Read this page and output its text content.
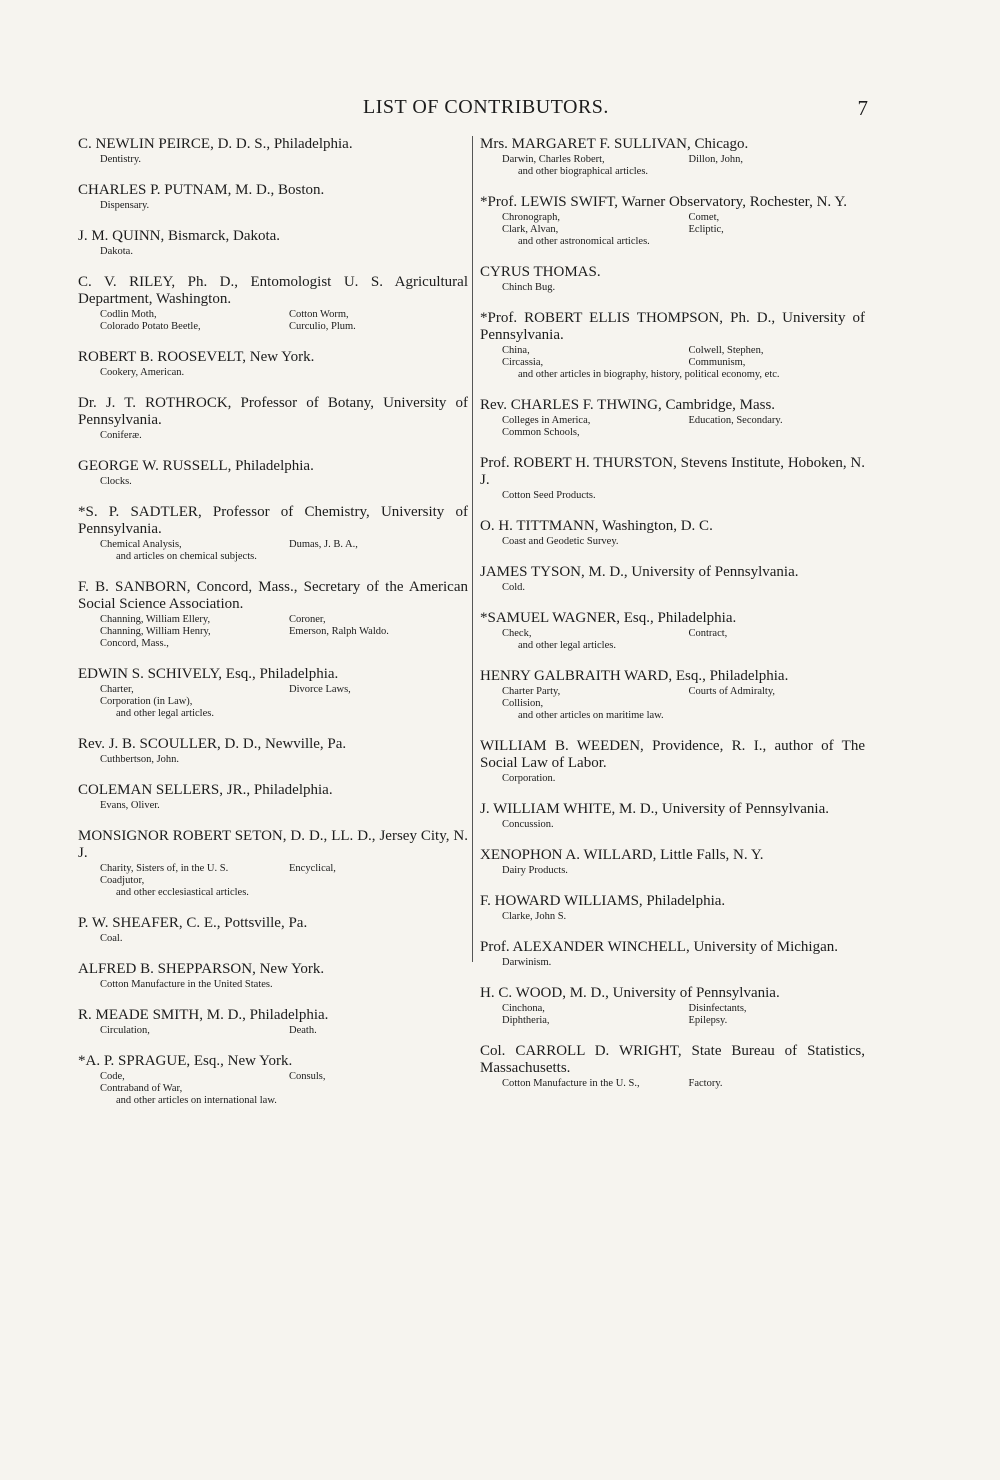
LIST OF CONTRIBUTORS.	7
C. NEWLIN PEIRCE, D. D. S., Philadelphia.
Dentistry.
CHARLES P. PUTNAM, M. D., Boston.
Dispensary.
J. M. QUINN, Bismarck, Dakota.
Dakota.
C. V. RILEY, Ph. D., Entomologist U. S. Agricultural Department, Washington.
Codlin Moth,	Cotton Worm,
Colorado Potato Beetle,	Curculio, Plum.
ROBERT B. ROOSEVELT, New York.
Cookery, American.
Dr. J. T. ROTHROCK, Professor of Botany, University of Pennsylvania.
Coniferæ.
GEORGE W. RUSSELL, Philadelphia.
Clocks.
*S. P. SADTLER, Professor of Chemistry, University of Pennsylvania.
Chemical Analysis,	Dumas, J. B. A.,
and articles on chemical subjects.
F. B. SANBORN, Concord, Mass., Secretary of the American Social Science Association.
Channing, William Ellery,	Coroner,
Channing, William Henry,	Emerson, Ralph Waldo.
Concord, Mass.,
EDWIN S. SCHIVELY, Esq., Philadelphia.
Charter,	Divorce Laws,
Corporation (in Law),
and other legal articles.
Rev. J. B. SCOULLER, D. D., Newville, Pa.
Cuthbertson, John.
COLEMAN SELLERS, JR., Philadelphia.
Evans, Oliver.
MONSIGNOR ROBERT SETON, D. D., LL. D., Jersey City, N. J.
Charity, Sisters of, in the U. S.	Encyclical,
Coadjutor,
and other ecclesiastical articles.
P. W. SHEAFER, C. E., Pottsville, Pa.
Coal.
ALFRED B. SHEPPARSON, New York.
Cotton Manufacture in the United States.
R. MEADE SMITH, M. D., Philadelphia.
Circulation,	Death.
*A. P. SPRAGUE, Esq., New York.
Code,	Consuls,
Contraband of War,
and other articles on international law.
Mrs. MARGARET F. SULLIVAN, Chicago.
Darwin, Charles Robert,	Dillon, John,
and other biographical articles.
*Prof. LEWIS SWIFT, Warner Observatory, Rochester, N. Y.
Chronograph,	Comet,
Clark, Alvan,	Ecliptic,
and other astronomical articles.
CYRUS THOMAS.
Chinch Bug.
*Prof. ROBERT ELLIS THOMPSON, Ph. D., University of Pennsylvania.
China,	Colwell, Stephen,
Circassia,	Communism,
and other articles in biography, history, political economy, etc.
Rev. CHARLES F. THWING, Cambridge, Mass.
Colleges in America,	Education, Secondary.
Common Schools,
Prof. ROBERT H. THURSTON, Stevens Institute, Hoboken, N. J.
Cotton Seed Products.
O. H. TITTMANN, Washington, D. C.
Coast and Geodetic Survey.
JAMES TYSON, M. D., University of Pennsylvania.
Cold.
*SAMUEL WAGNER, Esq., Philadelphia.
Check,	Contract,
and other legal articles.
HENRY GALBRAITH WARD, Esq., Philadelphia.
Charter Party,	Courts of Admiralty,
Collision,
and other articles on maritime law.
WILLIAM B. WEEDEN, Providence, R. I., author of The Social Law of Labor.
Corporation.
J. WILLIAM WHITE, M. D., University of Pennsylvania.
Concussion.
XENOPHON A. WILLARD, Little Falls, N. Y.
Dairy Products.
F. HOWARD WILLIAMS, Philadelphia.
Clarke, John S.
Prof. ALEXANDER WINCHELL, University of Michigan.
Darwinism.
H. C. WOOD, M. D., University of Pennsylvania.
Cinchona,	Disinfectants,
Diphtheria,	Epilepsy.
Col. CARROLL D. WRIGHT, State Bureau of Statistics, Massachusetts.
Cotton Manufacture in the U. S.,	Factory.
